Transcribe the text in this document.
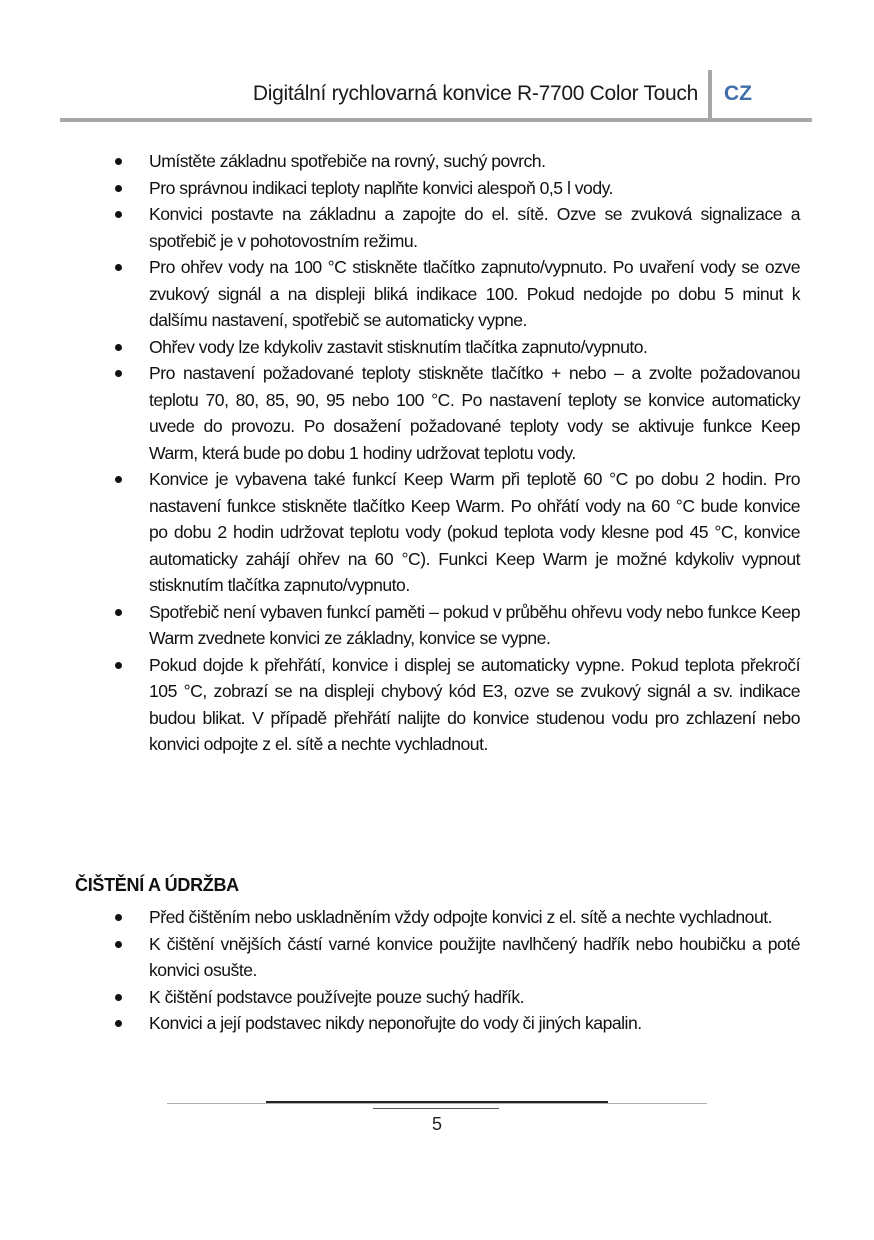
Digitální rychlovarná konvice R-7700 Color Touch CZ
Umístěte základnu spotřebiče na rovný, suchý povrch.
Pro správnou indikaci teploty naplňte konvici alespoň 0,5 l vody.
Konvici postavte na základnu a zapojte do el. sítě. Ozve se zvuková signalizace a spotřebič je v pohotovostním režimu.
Pro ohřev vody na 100 °C stiskněte tlačítko zapnuto/vypnuto. Po uvaření vody se ozve zvukový signál a na displeji bliká indikace 100. Pokud nedojde po dobu 5 minut k dalšímu nastavení, spotřebič se automaticky vypne.
Ohřev vody lze kdykoliv zastavit stisknutím tlačítka zapnuto/vypnuto.
Pro nastavení požadované teploty stiskněte tlačítko + nebo – a zvolte požadovanou teplotu 70, 80, 85, 90, 95 nebo 100 °C. Po nastavení teploty se konvice automaticky uvede do provozu. Po dosažení požadované teploty vody se aktivuje funkce Keep Warm, která bude po dobu 1 hodiny udržovat teplotu vody.
Konvice je vybavena také funkcí Keep Warm při teplotě 60 °C po dobu 2 hodin. Pro nastavení funkce stiskněte tlačítko Keep Warm. Po ohřátí vody na 60 °C bude konvice po dobu 2 hodin udržovat teplotu vody (pokud teplota vody klesne pod 45 °C, konvice automaticky zahájí ohřev na 60 °C). Funkci Keep Warm je možné kdykoliv vypnout stisknutím tlačítka zapnuto/vypnuto.
Spotřebič není vybaven funkcí paměti – pokud v průběhu ohřevu vody nebo funkce Keep Warm zvednete konvici ze základny, konvice se vypne.
Pokud dojde k přehřátí, konvice i displej se automaticky vypne. Pokud teplota překročí 105 °C, zobrazí se na displeji chybový kód E3, ozve se zvukový signál a sv. indikace budou blikat. V případě přehřátí nalijte do konvice studenou vodu pro zchlazení nebo konvici odpojte z el. sítě a nechte vychladnout.
ČIŠTĚNÍ A ÚDRŽBA
Před čištěním nebo uskladněním vždy odpojte konvici z el. sítě a nechte vychladnout.
K čištění vnějších částí varné konvice použijte navlhčený hadřík nebo houbičku a poté konvici osušte.
K čištění podstavce používejte pouze suchý hadřík.
Konvici a její podstavec nikdy neponořujte do vody či jiných kapalin.
5
